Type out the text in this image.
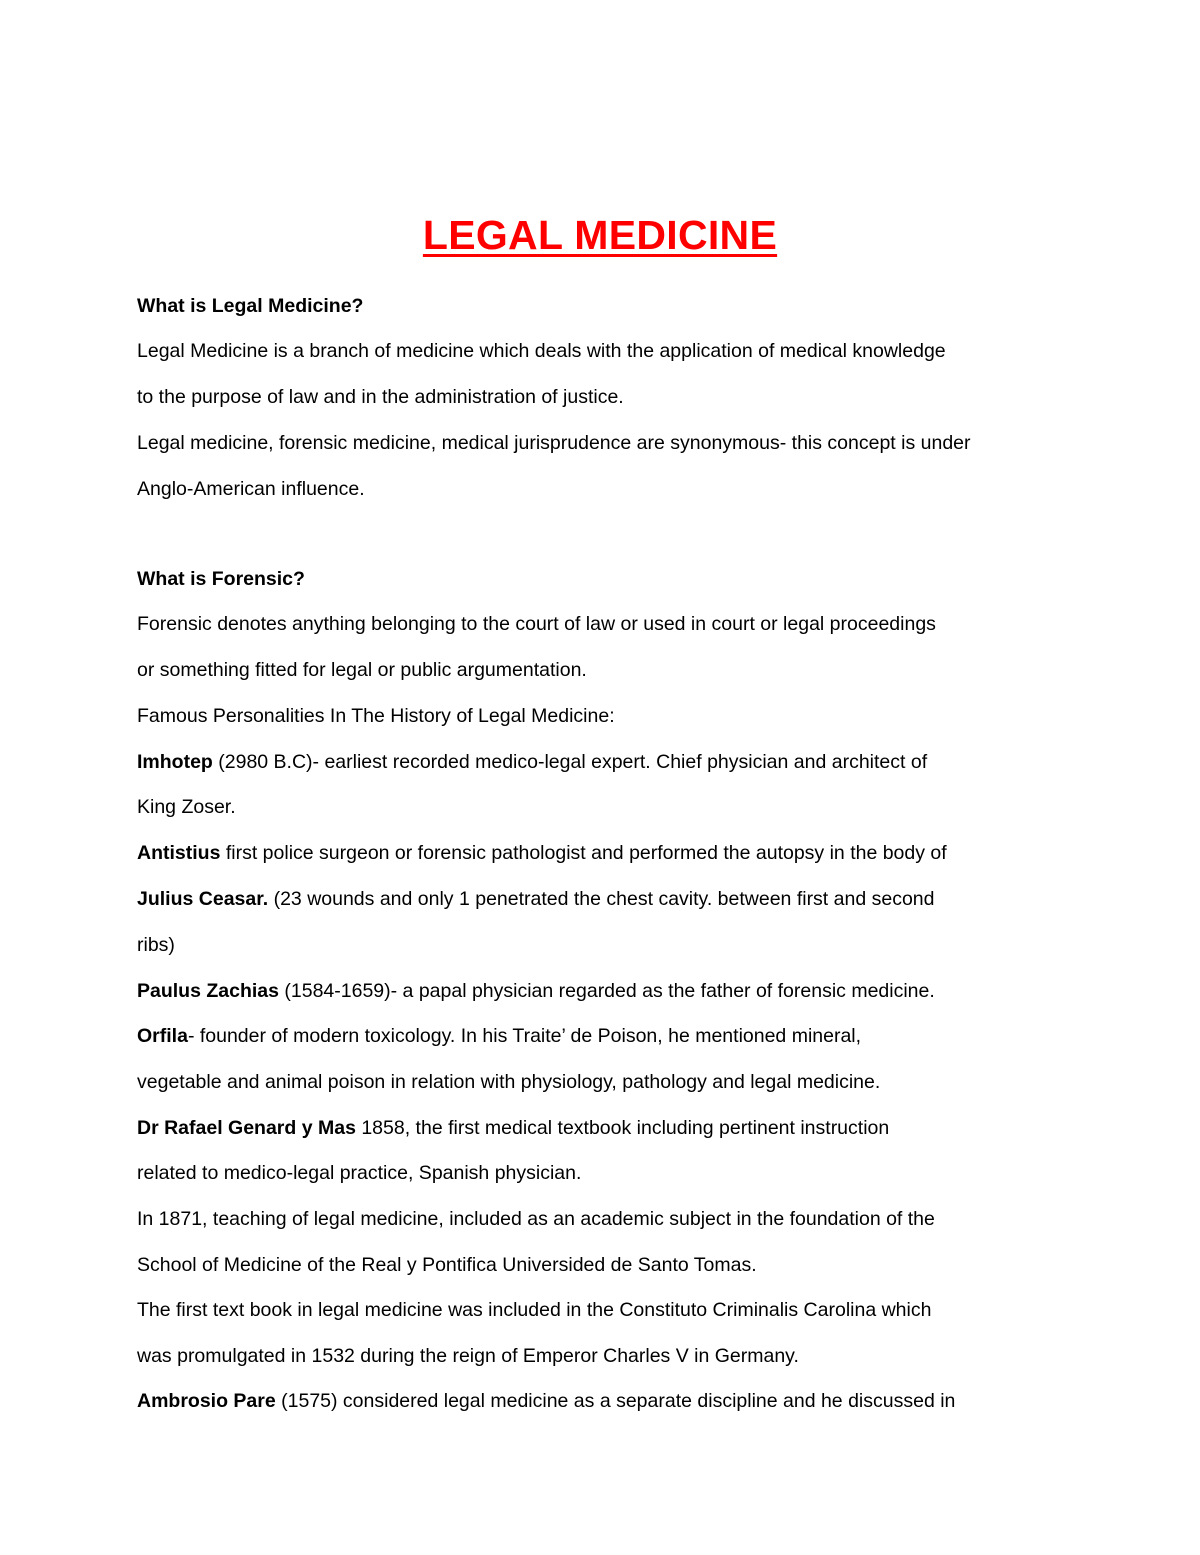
LEGAL MEDICINE
What is Legal Medicine?
Legal Medicine is a branch of medicine which deals with the application of medical knowledge
to the purpose of law and in the administration of justice.
Legal medicine, forensic medicine, medical jurisprudence are synonymous- this concept is under
Anglo-American influence.
What is Forensic?
Forensic denotes anything belonging to the court of law or used in court or legal proceedings
or something fitted for legal or public argumentation.
Famous Personalities In The History of Legal Medicine:
Imhotep (2980 B.C)- earliest recorded medico-legal expert. Chief physician and architect of
King Zoser.
Antistius first police surgeon or forensic pathologist and performed the autopsy in the body of
Julius Ceasar. (23 wounds and only 1 penetrated the chest cavity. between first and second
ribs)
Paulus Zachias (1584-1659)- a papal physician regarded as the father of forensic medicine.
Orfila- founder of modern toxicology. In his Traite’ de Poison, he mentioned mineral,
vegetable and animal poison in relation with physiology, pathology and legal medicine.
Dr Rafael Genard y Mas 1858, the first medical textbook including pertinent instruction
related to medico-legal practice, Spanish physician.
In 1871, teaching of legal medicine, included as an academic subject in the foundation of the
School of Medicine of the Real y Pontifica Universided de Santo Tomas.
The first text book in legal medicine was included in the Constituto Criminalis Carolina which
was promulgated in 1532 during the reign of Emperor Charles V in Germany.
Ambrosio Pare (1575) considered legal medicine as a separate discipline and he discussed in
